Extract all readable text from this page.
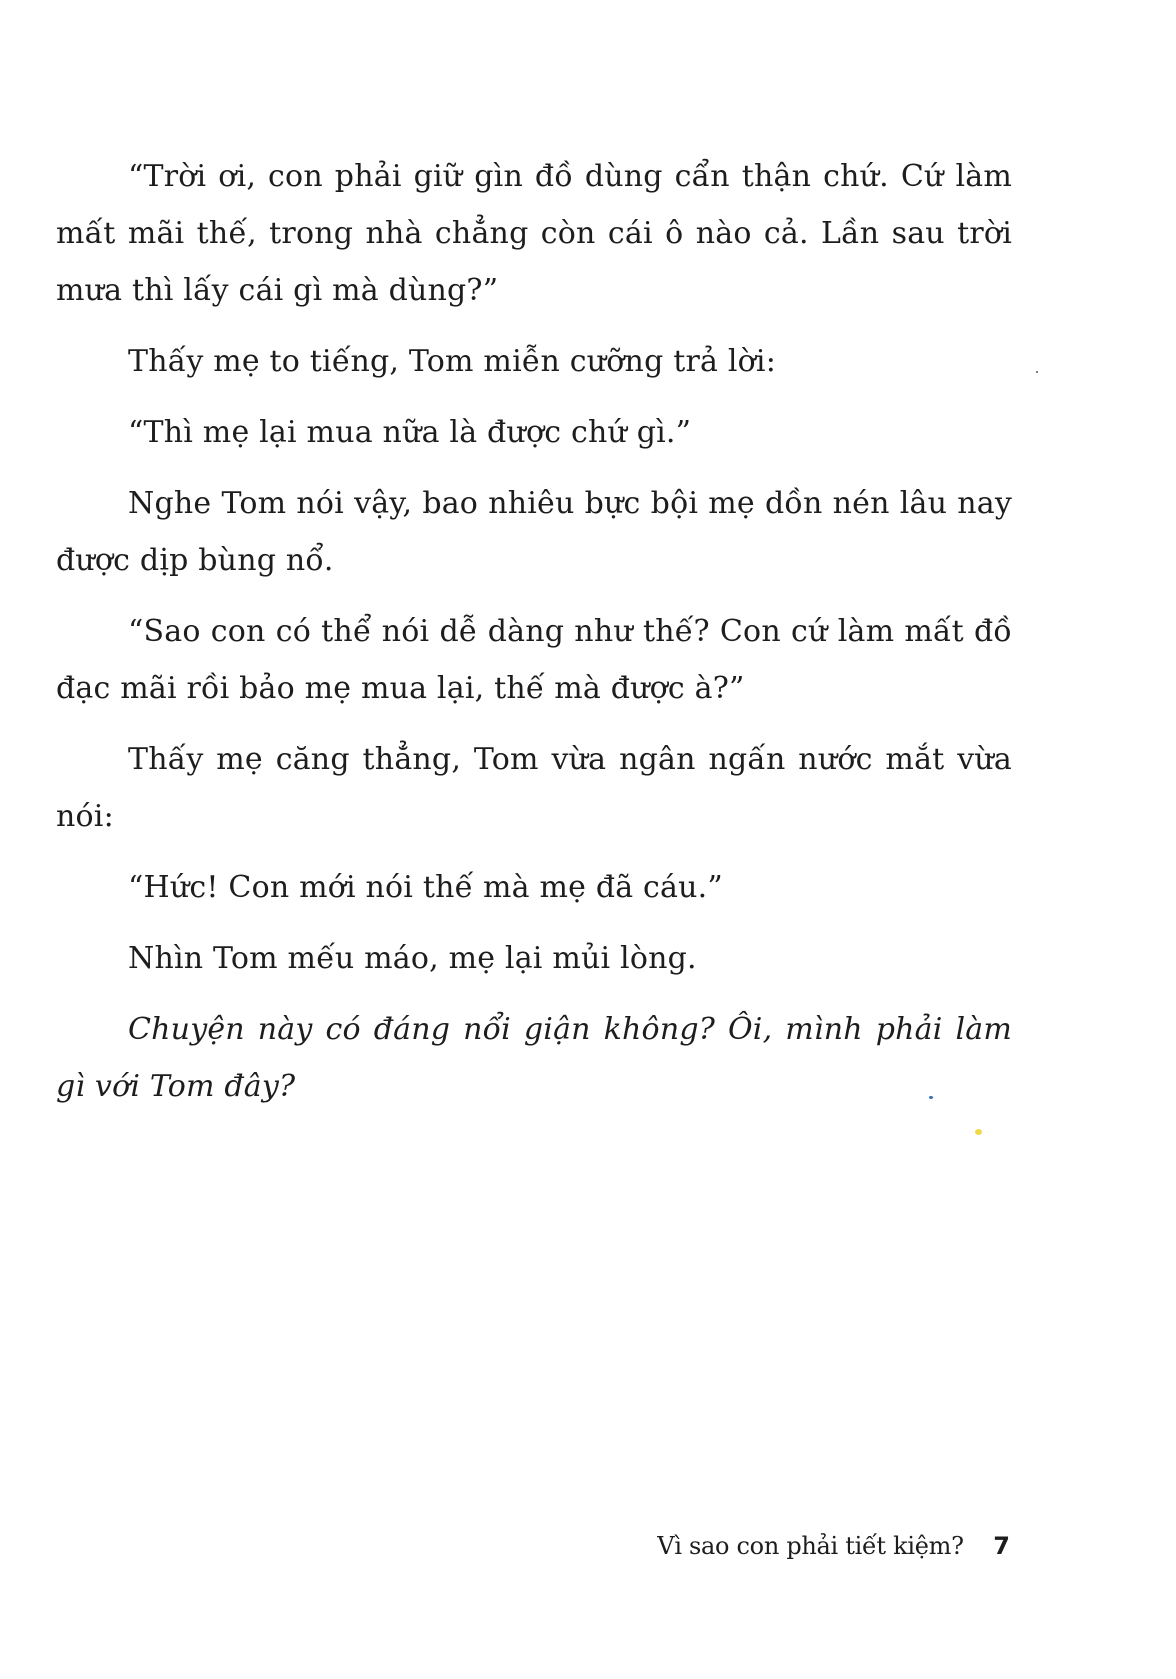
“Trời ơi, con phải giữ gìn đồ dùng cẩn thận chứ. Cứ làm mất mãi thế, trong nhà chẳng còn cái ô nào cả. Lần sau trời mưa thì lấy cái gì mà dùng?”

Thấy mẹ to tiếng, Tom miễn cưỡng trả lời:

“Thì mẹ lại mua nữa là được chứ gì.”

Nghe Tom nói vậy, bao nhiêu bực bội mẹ dồn nén lâu nay được dịp bùng nổ.

“Sao con có thể nói dễ dàng như thế? Con cứ làm mất đồ đạc mãi rồi bảo mẹ mua lại, thế mà được à?”

Thấy mẹ căng thẳng, Tom vừa ngân ngấn nước mắt vừa nói:

“Hức! Con mới nói thế mà mẹ đã cáu.”

Nhìn Tom mếu máo, mẹ lại mủi lòng.

Chuyện này có đáng nổi giận không? Ôi, mình phải làm gì với Tom đây?

Vì sao con phải tiết kiệm? 7
